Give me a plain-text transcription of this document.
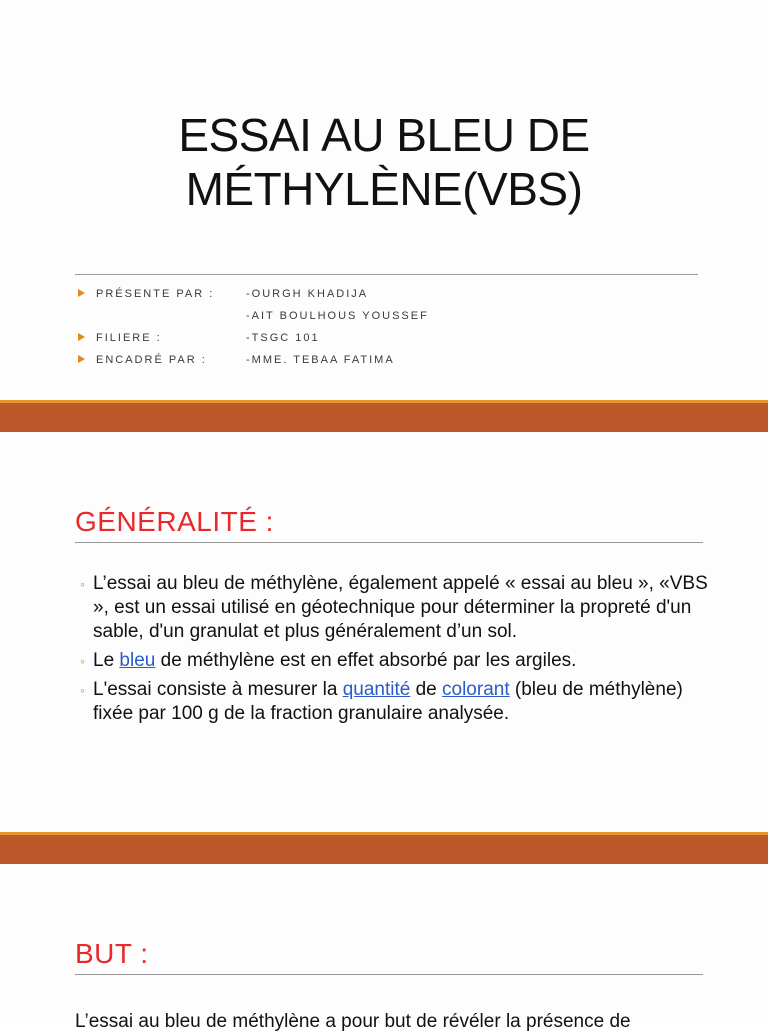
ESSAI AU BLEU DE
MÉTHYLÈNE(VBS)
PRÉSENTE PAR :	-OURGH KHADIJA
-AIT BOULHOUS YOUSSEF
FILIERE :	-TSGC 101
ENCADRÉ PAR :	-MME. TEBAA FATIMA
GÉNÉRALITÉ :
◦ L’essai au bleu de méthylène, également appelé « essai au bleu », «VBS », est un essai utilisé en géotechnique pour déterminer la propreté d'un sable, d'un granulat et plus généralement d’un sol.
◦ Le bleu de méthylène est en effet absorbé par les argiles.
◦ L'essai consiste à mesurer la quantité de colorant (bleu de méthylène) fixée par 100 g de la fraction granulaire analysée.
BUT :
L’essai au bleu de méthylène a pour but de révéler la présence de
